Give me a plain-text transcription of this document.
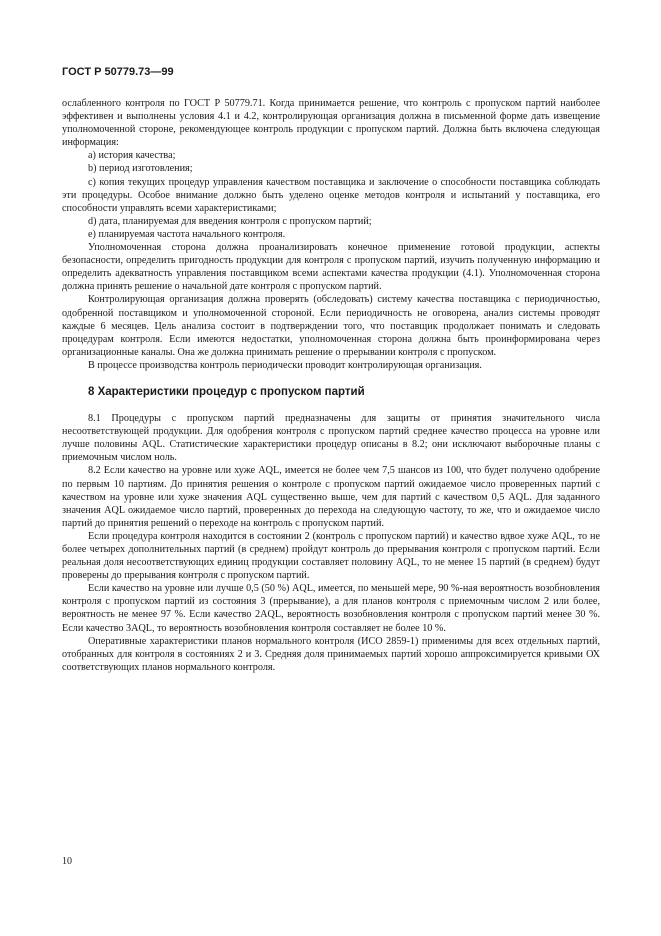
ГОСТ Р 50779.73—99

ослабленного контроля по ГОСТ Р 50779.71. Когда принимается решение, что контроль с пропуском партий наиболее эффективен и выполнены условия 4.1 и 4.2, контролирующая организация должна в письменной форме дать извещение уполномоченной стороне, рекомендующее контроль продукции с пропуском партий. Должна быть включена следующая информация:

а) история качества;

b) период изготовления;

с) копия текущих процедур управления качеством поставщика и заключение о способности поставщика соблюдать эти процедуры. Особое внимание должно быть уделено оценке методов контроля и испытаний у поставщика, его способности управлять всеми характеристиками;

d) дата, планируемая для введения контроля с пропуском партий;

е) планируемая частота начального контроля.

Уполномоченная сторона должна проанализировать конечное применение готовой продукции, аспекты безопасности, определить пригодность продукции для контроля с пропуском партий, изучить полученную информацию и определить адекватность управления поставщиком всеми аспектами качества продукции (4.1). Уполномоченная сторона должна принять решение о начальной дате контроля с пропуском партий.

Контролирующая организация должна проверять (обследовать) систему качества поставщика с периодичностью, одобренной поставщиком и уполномоченной стороной. Если периодичность не оговорена, анализ системы проводят каждые 6 месяцев. Цель анализа состоит в подтверждении того, что поставщик продолжает понимать и следовать процедурам контроля. Если имеются недостатки, уполномоченная сторона должна быть проинформирована через организационные каналы. Она же должна принимать решение о прерывании контроля с пропуском.

В процессе производства контроль периодически проводит контролирующая организация.

8 Характеристики процедур с пропуском партий

8.1 Процедуры с пропуском партий предназначены для защиты от принятия значительного числа несоответствующей продукции. Для одобрения контроля с пропуском партий среднее качество процесса на уровне или лучше половины AQL. Статистические характеристики процедур описаны в 8.2; они исключают выборочные планы с приемочным числом ноль.

8.2 Если качество на уровне или хуже AQL, имеется не более чем 7,5 шансов из 100, что будет получено одобрение по первым 10 партиям. До принятия решения о контроле с пропуском партий ожидаемое число проверенных партий с качеством на уровне или хуже значения AQL существенно выше, чем для партий с качеством 0,5 AQL. Для заданного значения AQL ожидаемое число партий, проверенных до перехода на следующую частоту, то же, что и ожидаемое число партий до принятия решений о переходе на контроль с пропуском партий.

Если процедура контроля находится в состоянии 2 (контроль с пропуском партий) и качество вдвое хуже AQL, то не более четырех дополнительных партий (в среднем) пройдут контроль до прерывания контроля с пропуском партий. Если реальная доля несоответствующих единиц продукции составляет половину AQL, то не менее 15 партий (в среднем) будут проверены до прерывания контроля с пропуском партий.

Если качество на уровне или лучше 0,5 (50 %) AQL, имеется, по меньшей мере, 90 %-ная вероятность возобновления контроля с пропуском партий из состояния 3 (прерывание), а для планов контроля с приемочным числом 2 или более, вероятность не менее 97 %. Если качество 2AQL, вероятность возобновления контроля с пропуском партий менее 30 %. Если качество 3AQL, то вероятность возобновления контроля составляет не более 10 %.

Оперативные характеристики планов нормального контроля (ИСО 2859-1) применимы для всех отдельных партий, отобранных для контроля в состояниях 2 и 3. Средняя доля принимаемых партий хорошо аппроксимируется кривыми ОХ соответствующих планов нормального контроля.

10
